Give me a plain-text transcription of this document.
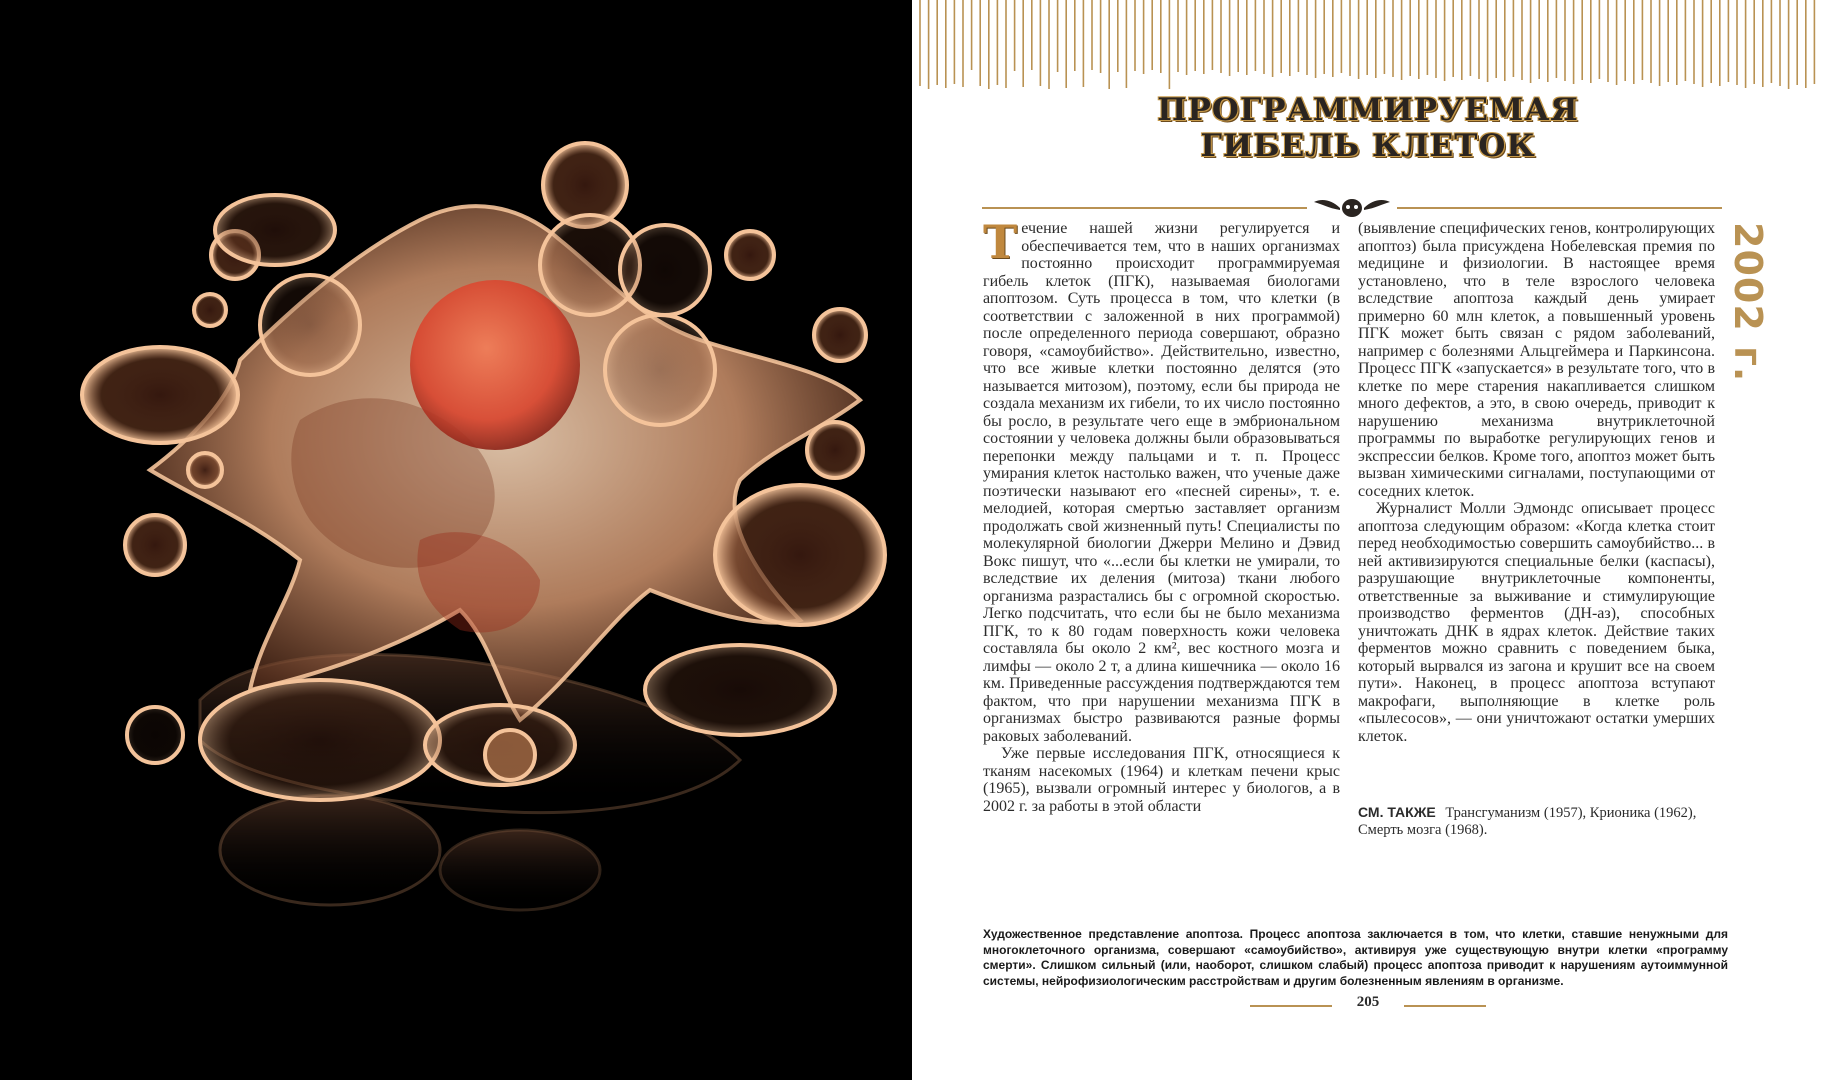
ПРОГРАММИРУЕМАЯ
ГИБЕЛЬ КЛЕТОК
2002 г.

Течение нашей жизни регулируется и обеспечивается тем, что в наших организмах постоянно происходит программируемая гибель клеток (ПГК), называемая биологами апоптозом. Суть процесса в том, что клетки (в соответствии с заложенной в них программой) после определенного периода совершают, образно говоря, «самоубийство». Действительно, известно, что все живые клетки постоянно делятся (это называется митозом), поэтому, если бы природа не создала механизм их гибели, то их число постоянно бы росло, в результате чего еще в эмбриональном состоянии у человека должны были образовываться перепонки между пальцами и т. п. Процесс умирания клеток настолько важен, что ученые даже поэтически называют его «песней сирены», т. е. мелодией, которая смертью заставляет организм продолжать свой жизненный путь! Специалисты по молекулярной биологии Джерри Мелино и Дэвид Вокс пишут, что «...если бы клетки не умирали, то вследствие их деления (митоза) ткани любого организма разрастались бы с огромной скоростью. Легко подсчитать, что если бы не было механизма ПГК, то к 80 годам поверхность кожи человека составляла бы около 2 км², вес костного мозга и лимфы — около 2 т, а длина кишечника — около 16 км. Приведенные рассуждения подтверждаются тем фактом, что при нарушении механизма ПГК в организмах быстро развиваются разные формы раковых заболеваний.

Уже первые исследования ПГК, относящиеся к тканям насекомых (1964) и клеткам печени крыс (1965), вызвали огромный интерес у биологов, а в 2002 г. за работы в этой области

(выявление специфических генов, контролирующих апоптоз) была присуждена Нобелевская премия по медицине и физиологии. В настоящее время установлено, что в теле взрослого человека вследствие апоптоза каждый день умирает примерно 60 млн клеток, а повышенный уровень ПГК может быть связан с рядом заболеваний, например с болезнями Альцгеймера и Паркинсона. Процесс ПГК «запускается» в результате того, что в клетке по мере старения накапливается слишком много дефектов, а это, в свою очередь, приводит к нарушению механизма внутриклеточной программы по выработке регулирующих генов и экспрессии белков. Кроме того, апоптоз может быть вызван химическими сигналами, поступающими от соседних клеток.

Журналист Молли Эдмондс описывает процесс апоптоза следующим образом: «Когда клетка стоит перед необходимостью совершить самоубийство... в ней активизируются специальные белки (каспасы), разрушающие внутриклеточные компоненты, ответственные за выживание и стимулирующие производство ферментов (ДН-аз), способных уничтожать ДНК в ядрах клеток. Действие таких ферментов можно сравнить с поведением быка, который вырвался из загона и крушит все на своем пути». Наконец, в процесс апоптоза вступают макрофаги, выполняющие в клетке роль «пылесосов», — они уничтожают остатки умерших клеток.

СМ. ТАКЖЕ Трансгуманизм (1957), Крионика (1962), Смерть мозга (1968).
Художественное представление апоптоза. Процесс апоптоза заключается в том, что клетки, ставшие ненужными для многоклеточного организма, совершают «самоубийство», активируя уже существующую внутри клетки «программу смерти». Слишком сильный (или, наоборот, слишком слабый) процесс апоптоза приводит к нарушениям аутоиммунной системы, нейрофизиологическим расстройствам и другим болезненным явлениям в организме.
205
